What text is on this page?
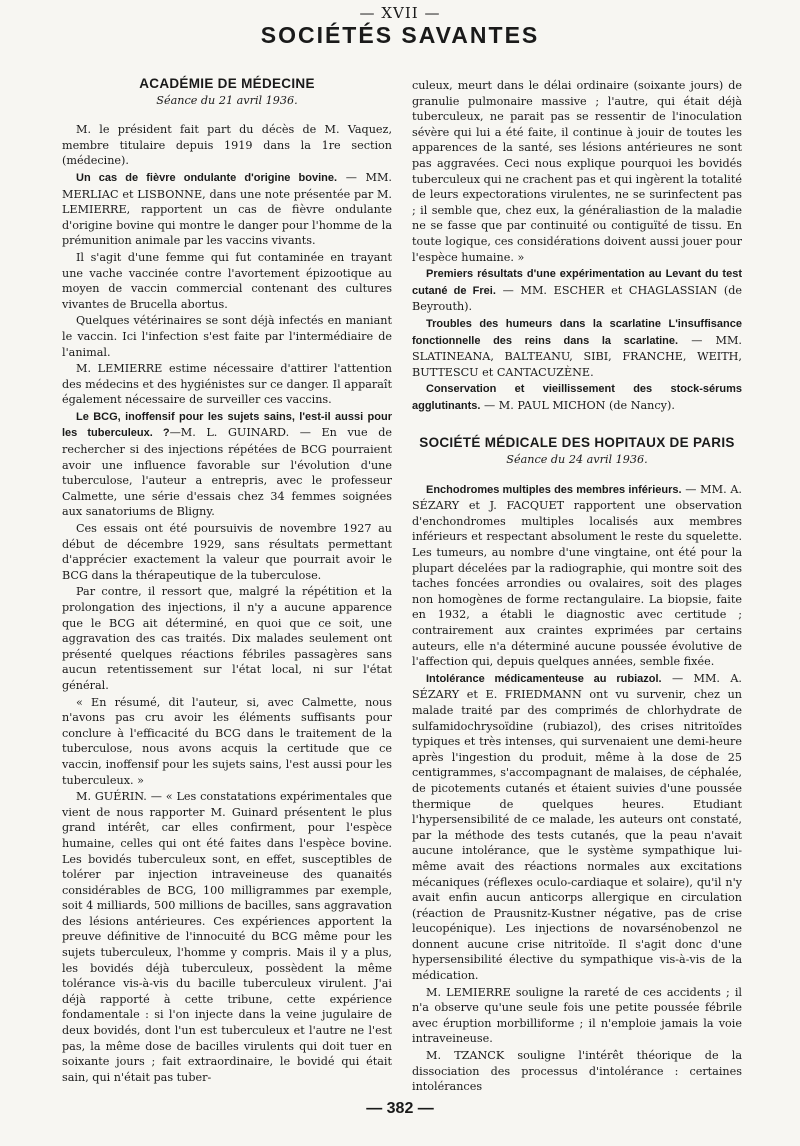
— XVII —
SOCIÉTÉS SAVANTES
ACADÉMIE DE MÉDECINE
Séance du 21 avril 1936.

M. le président fait part du décès de M. Vaquez, membre titulaire depuis 1919 dans la 1re section (médecine).

Un cas de fièvre ondulante d'origine bovine. — MM. MERLIAC et LISBONNE, dans une note présentée par M. LEMIERRE, rapportent un cas de fièvre ondulante d'origine bovine qui montre le danger pour l'homme de la prémunition animale par les vaccins vivants.

Il s'agit d'une femme qui fut contaminée en trayant une vache vaccinée contre l'avortement épizootique au moyen de vaccin commercial contenant des cultures vivantes de Brucella abortus.

Quelques vétérinaires se sont déjà infectés en maniant le vaccin. Ici l'infection s'est faite par l'intermédiaire de l'animal.

M. LEMIERRE estime nécessaire d'attirer l'attention des médecins et des hygiénistes sur ce danger. Il apparaît également nécessaire de surveiller ces vaccins.

Le BCG, inoffensif pour les sujets sains, l'est-il aussi pour les tuberculeux. ?—M. L. GUINARD. — En vue de rechercher si des injections répétées de BCG pourraient avoir une influence favorable sur l'évolution d'une tuberculose, l'auteur a entrepris, avec le professeur Calmette, une série d'essais chez 34 femmes soignées aux sanatoriums de Bligny.

Ces essais ont été poursuivis de novembre 1927 au début de décembre 1929, sans résultats permettant d'apprécier exactement la valeur que pourrait avoir le BCG dans la thérapeutique de la tuberculose.

Par contre, il ressort que, malgré la répétition et la prolongation des injections, il n'y a aucune apparence que le BCG ait déterminé, en quoi que ce soit, une aggravation des cas traités. Dix malades seulement ont présenté quelques réactions fébriles passagères sans aucun retentissement sur l'état local, ni sur l'état général.

« En résumé, dit l'auteur, si, avec Calmette, nous n'avons pas cru avoir les éléments suffisants pour conclure à l'efficacité du BCG dans le traitement de la tuberculose, nous avons acquis la certitude que ce vaccin, inoffensif pour les sujets sains, l'est aussi pour les tuberculeux. »

M. GUÉRIN. — « Les constatations expérimentales que vient de nous rapporter M. Guinard présentent le plus grand intérêt, car elles confirment, pour l'espèce humaine, celles qui ont été faites dans l'espèce bovine. Les bovidés tuberculeux sont, en effet, susceptibles de tolérer par injection intraveineuse des quanaités considérables de BCG, 100 milligrammes par exemple, soit 4 milliards, 500 millions de bacilles, sans aggravation des lésions antérieures. Ces expériences apportent la preuve définitive de l'innocuité du BCG même pour les sujets tuberculeux, l'homme y compris. Mais il y a plus, les bovidés déjà tuberculeux, possèdent la même tolérance vis-à-vis du bacille tuberculeux virulent. J'ai déjà rapporté à cette tribune, cette expérience fondamentale : si l'on injecte dans la veine jugulaire de deux bovidés, dont l'un est tuberculeux et l'autre ne l'est pas, la même dose de bacilles virulents qui doit tuer en soixante jours ; fait extraordinaire, le bovidé qui était sain, qui n'était pas tuber-

culeux, meurt dans le délai ordinaire (soixante jours) de granulie pulmonaire massive ; l'autre, qui était déjà tuberculeux, ne parait pas se ressentir de l'inoculation sévère qui lui a été faite, il continue à jouir de toutes les apparences de la santé, ses lésions antérieures ne sont pas aggravées. Ceci nous explique pourquoi les bovidés tuberculeux qui ne crachent pas et qui ingèrent la totalité de leurs expectorations virulentes, ne se surinfectent pas ; il semble que, chez eux, la généraliastion de la maladie ne se fasse que par continuité ou contiguïté de tissu. En toute logique, ces considérations doivent aussi jouer pour l'espèce humaine. »

Premiers résultats d'une expérimentation au Levant du test cutané de Frei. — MM. ESCHER et CHAGLASSIAN (de Beyrouth).

Troubles des humeurs dans la scarlatine L'insuffisance fonctionnelle des reins dans la scarlatine. — MM. SLATINEANA, BALTEANU, SIBI, FRANCHE, WEITH, BUTTESCU et CANTACUZÈNE.

Conservation et vieillissement des stock-sérums agglutinants. — M. PAUL MICHON (de Nancy).

SOCIÉTÉ MÉDICALE DES HOPITAUX DE PARIS
Séance du 24 avril 1936.

Enchodromes multiples des membres inférieurs. — MM. A. SÉZARY et J. FACQUET rapportent une observation d'enchondromes multiples localisés aux membres inférieurs et respectant absolument le reste du squelette. Les tumeurs, au nombre d'une vingtaine, ont été pour la plupart décelées par la radiographie, qui montre soit des taches foncées arrondies ou ovalaires, soit des plages non homogènes de forme rectangulaire. La biopsie, faite en 1932, a établi le diagnostic avec certitude ; contrairement aux craintes exprimées par certains auteurs, elle n'a déterminé aucune poussée évolutive de l'affection qui, depuis quelques années, semble fixée.

Intolérance médicamenteuse au rubiazol. — MM. A. SÉZARY et E. FRIEDMANN ont vu survenir, chez un malade traité par des comprimés de chlorhydrate de sulfamidochrysoïdine (rubiazol), des crises nitritoïdes typiques et très intenses, qui survenaient une demi-heure après l'ingestion du produit, même à la dose de 25 centigrammes, s'accompagnant de malaises, de céphalée, de picotements cutanés et étaient suivies d'une poussée thermique de quelques heures. Etudiant l'hypersensibilité de ce malade, les auteurs ont constaté, par la méthode des tests cutanés, que la peau n'avait aucune intolérance, que le système sympathique lui-même avait des réactions normales aux excitations mécaniques (réflexes oculo-cardiaque et solaire), qu'il n'y avait enfin aucun anticorps allergique en circulation (réaction de Prausnitz-Kustner négative, pas de crise leucopénique). Les injections de novarsénobenzol ne donnent aucune crise nitritoïde. Il s'agit donc d'une hypersensibilité élective du sympathique vis-à-vis de la médication.

M. LEMIERRE souligne la rareté de ces accidents ; il n'a observe qu'une seule fois une petite poussée fébrile avec éruption morbilliforme ; il n'emploie jamais la voie intraveineuse.

M. TZANCK souligne l'intérêt théorique de la dissociation des processus d'intolérance : certaines intolérances

— 382 —
